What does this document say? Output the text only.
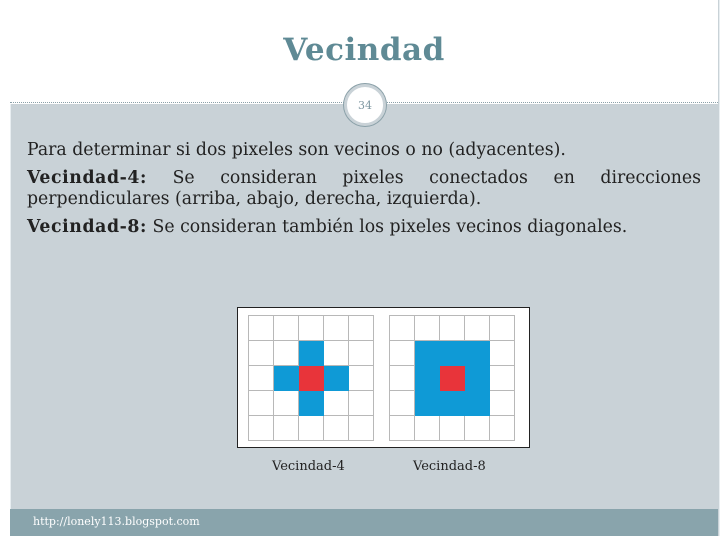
Vecindad
34

Para determinar si dos pixeles son vecinos o no (adyacentes).

Vecindad-4: Se consideran pixeles conectados en direcciones perpendiculares (arriba, abajo, derecha, izquierda).

Vecindad-8: Se consideran también los pixeles vecinos diagonales.

Vecindad-4	Vecindad-8
http://lonely113.blogspot.com
